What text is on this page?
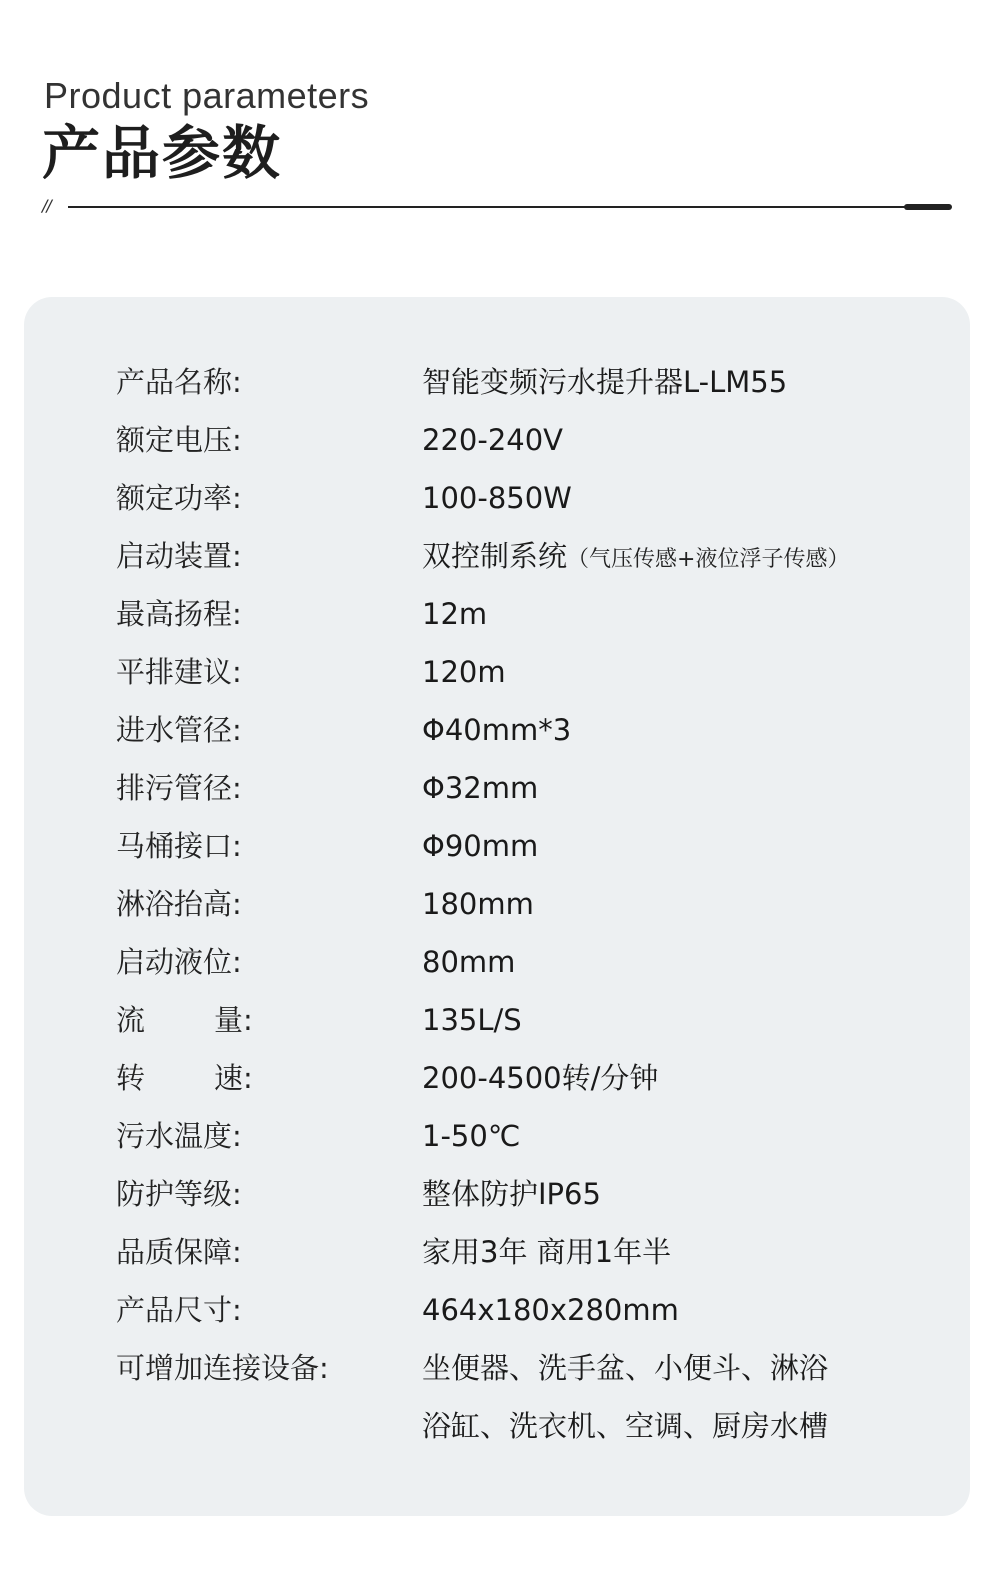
Product parameters
产品参数
//
产品名称:	智能变频污水提升器L-LM55
额定电压:	220-240V
额定功率:	100-850W
启动装置:	双控制系统（气压传感+液位浮子传感）
最高扬程:	12m
平排建议:	120m
进水管径:	Φ40mm*3
排污管径:	Φ32mm
马桶接口:	Φ90mm
淋浴抬高:	180mm
启动液位:	80mm
流 量:	135L/S
转 速:	200-4500转/分钟
污水温度:	1-50℃
防护等级:	整体防护IP65
品质保障:	家用3年 商用1年半
产品尺寸:	464x180x280mm
可增加连接设备:	坐便器、洗手盆、小便斗、淋浴
浴缸、洗衣机、空调、厨房水槽
